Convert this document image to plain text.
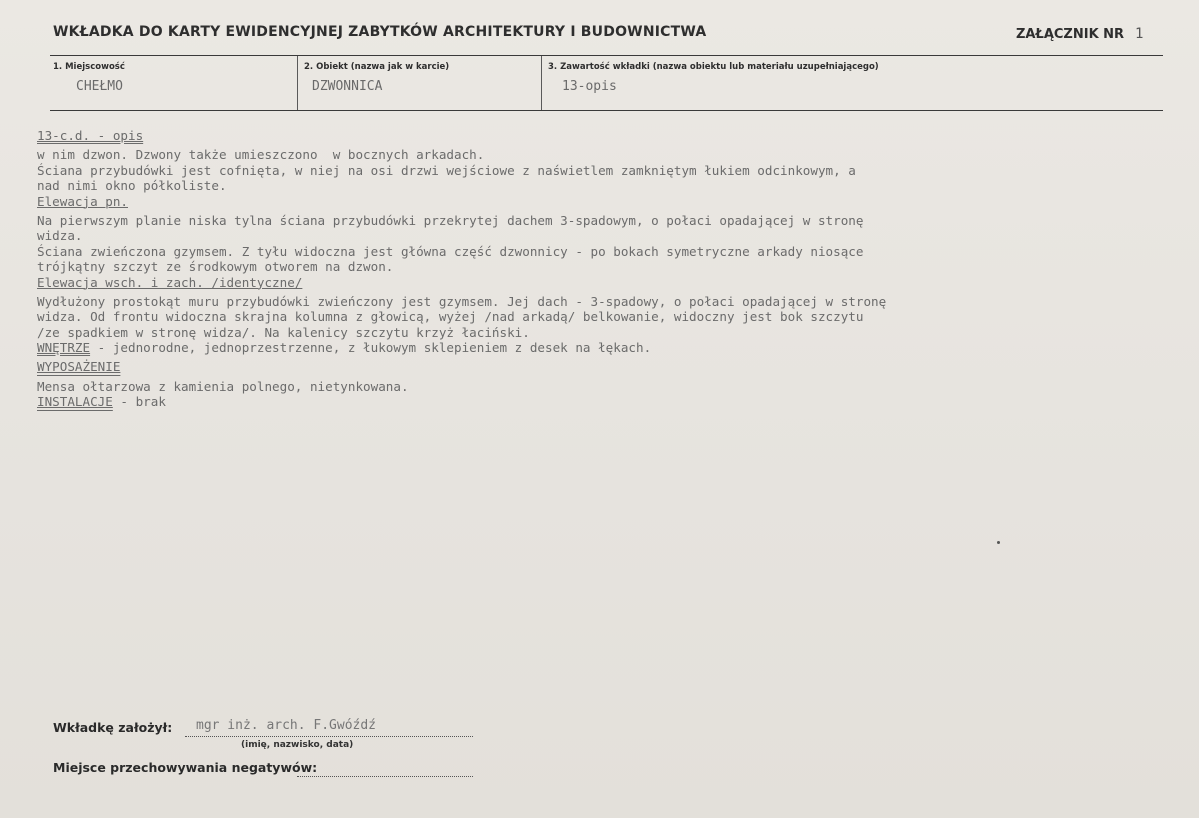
WKŁADKA DO KARTY EWIDENCYJNEJ ZABYTKÓW ARCHITEKTURY I BUDOWNICTWA	ZAŁĄCZNIK NR 1
1. Miejscowość
CHEŁMO
2. Obiekt (nazwa jak w karcie)
DZWONNICA
3. Zawartość wkładki (nazwa obiektu lub materiału uzupełniającego)
13-opis
13-c.d. - opis
w nim dzwon. Dzwony także umieszczono  w bocznych arkadach.
Ściana przybudówki jest cofnięta, w niej na osi drzwi wejściowe z naświetlem zamkniętym łukiem odcinkowym, a
nad nimi okno półkoliste.
Elewacja pn.
Na pierwszym planie niska tylna ściana przybudówki przekrytej dachem 3-spadowym, o połaci opadającej w stronę
widza.
Ściana zwieńczona gzymsem. Z tyłu widoczna jest główna część dzwonnicy - po bokach symetryczne arkady niosące
trójkątny szczyt ze środkowym otworem na dzwon.
Elewacja wsch. i zach. /identyczne/
Wydłużony prostokąt muru przybudówki zwieńczony jest gzymsem. Jej dach - 3-spadowy, o połaci opadającej w stronę
widza. Od frontu widoczna skrajna kolumna z głowicą, wyżej /nad arkadą/ belkowanie, widoczny jest bok szczytu
/ze spadkiem w stronę widza/. Na kalenicy szczytu krzyż łaciński.
WNĘTRZE - jednorodne, jednoprzestrzenne, z łukowym sklepieniem z desek na łękach.
WYPOSAŻENIE
Mensa ołtarzowa z kamienia polnego, nietynkowana.
INSTALACJE - brak
Wkładkę założył: mgr inż. arch. F.Gwóźdź
(imię, nazwisko, data)
Miejsce przechowywania negatywów:
